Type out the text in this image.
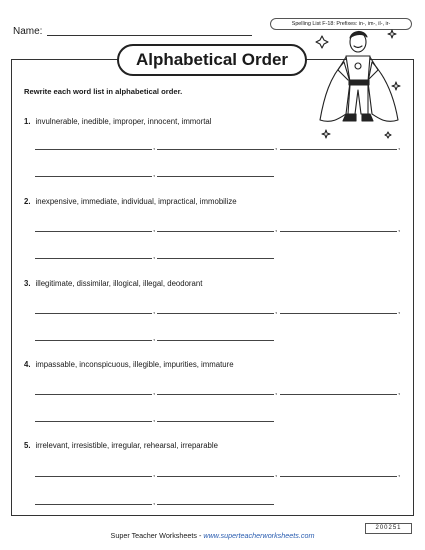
Name:
Spelling List F-18: Prefixes: in-, im-, il-, ir-
Alphabetical Order
Rewrite each word list in alphabetical order.
1. invulnerable, inedible, improper, innocent, immortal
,	,	,
,
2. inexpensive, immediate, individual, impractical, immobilize
,	,	,
,
3. illegitimate, dissimilar, illogical, illegal, deodorant
,	,	,
,
4. impassable, inconspicuous, illegible, impurities, immature
,	,	,
,
5. irrelevant, irresistible, irregular, rehearsal, irreparable
,	,	,
,
200251
Super Teacher Worksheets - www.superteacherworksheets.com
